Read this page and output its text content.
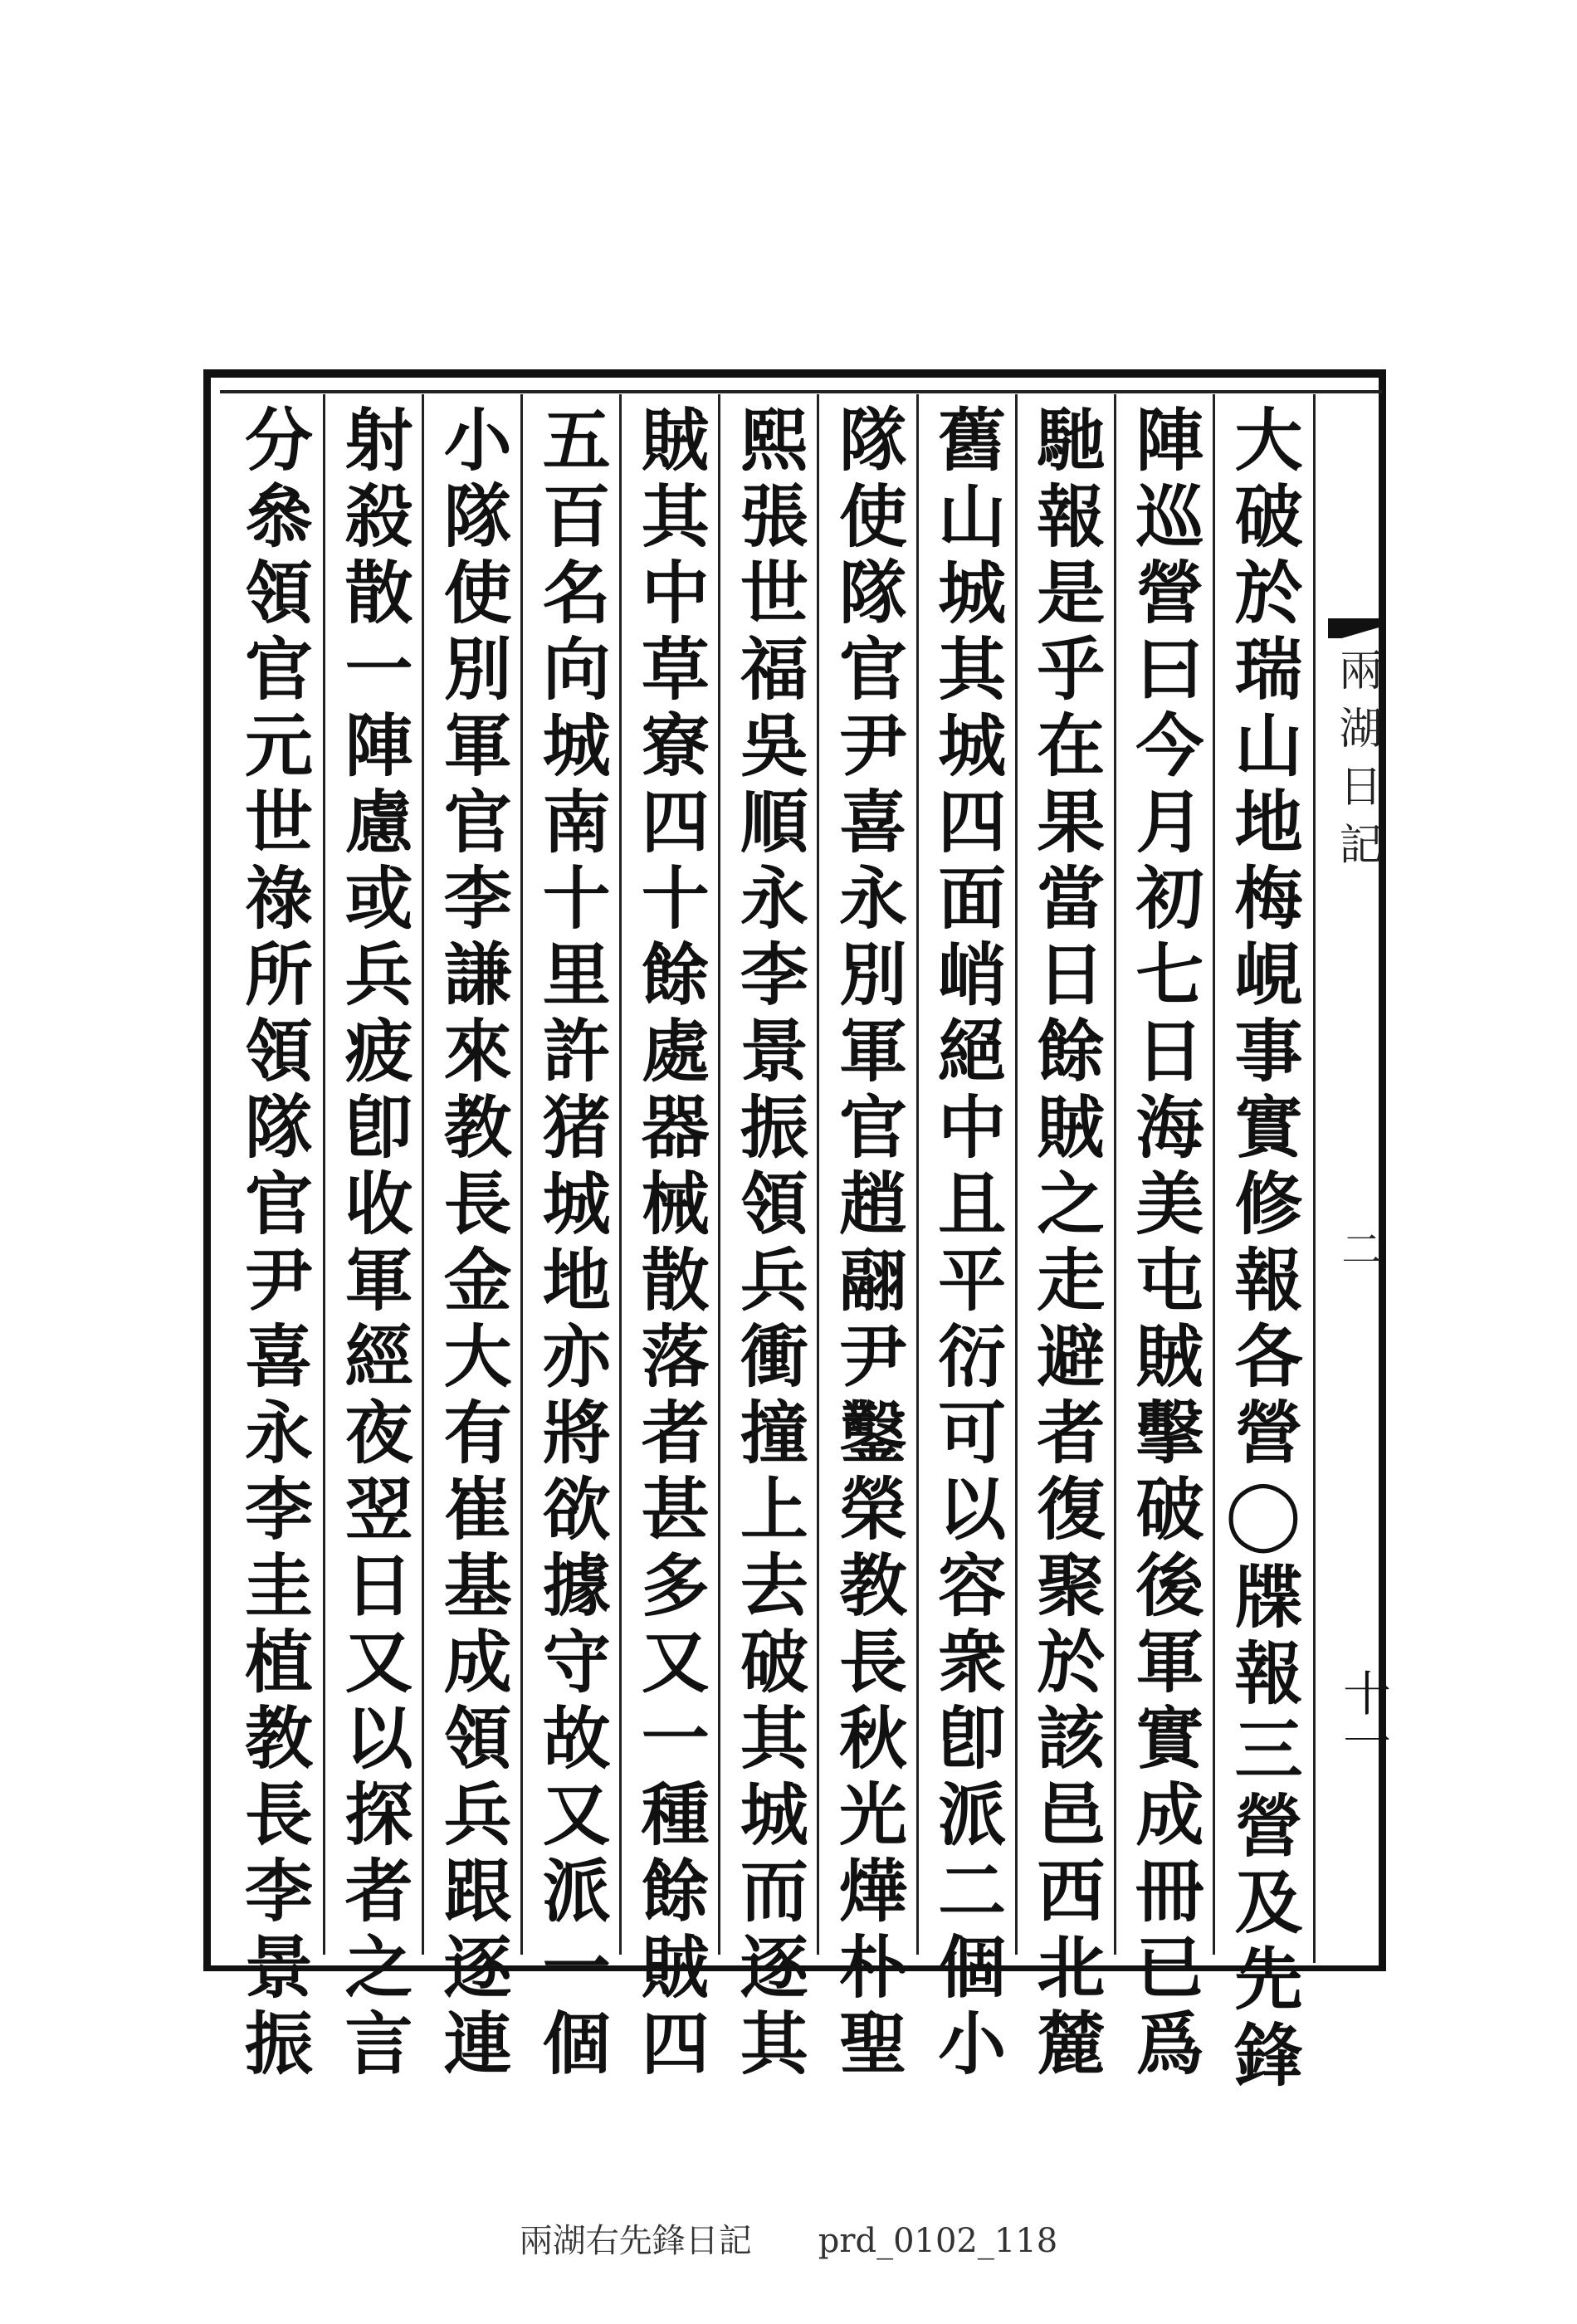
大破於瑞山地梅峴事實修報各營◯牒報三營及先鋒
陣巡營曰今月初七日海美屯賊擊破後軍實成冊已爲
馳報是乎在果當日餘賊之走避者復聚於該邑西北麓
舊山城其城四面峭絕中且平衍可以容衆卽派二個小
隊使隊官尹喜永別軍官趙翮尹鑿榮教長秋光燁朴聖
熙張世福吳順永李景振領兵衝撞上去破其城而逐其
賊其中草寮四十餘處器械散落者甚多又一種餘賊四
五百名向城南十里許猪城地亦將欲據守故又派一個
小隊使別軍官李謙來教長金大有崔基成領兵跟逐連
射殺散一陣慮或兵疲卽收軍經夜翌日又以探者之言
分叅領官元世祿所領隊官尹喜永李圭植教長李景振	兩湖日記
二
十一
兩湖右先鋒日記 prd_0102_118
